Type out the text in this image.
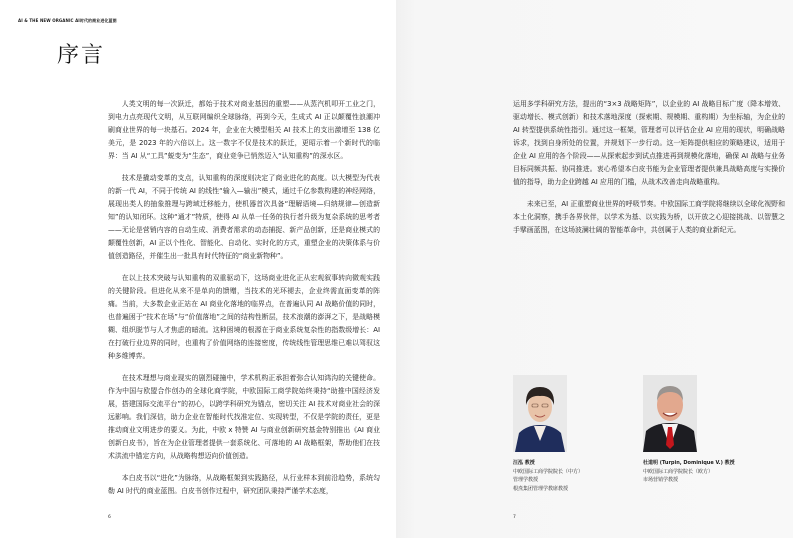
AI & THE NEW ORGANIC AI时代的商业进化蓝图
序言

人类文明的每一次跃迁，都始于技术对商业基因的重塑——从蒸汽机叩开工业之门，到电力点亮现代文明，从互联网编织全球脉络，再到今天，生成式 AI 正以颠覆性浪潮冲刷商业世界的每一块基石。2024 年，企业在大模型相关 AI 技术上的支出激增至 138 亿美元，是 2023 年的六倍以上。这一数字不仅是技术的跃迁，更昭示着一个新时代的临界：当 AI 从“工具”蜕变为“生态”，商业竞争已悄然迈入“认知重构”的深水区。

技术是撬动变革的支点，认知重构的深度则决定了商业进化的高度。以大模型为代表的新一代 AI，不同于传统 AI 的线性“输入—输出”模式，通过千亿参数构建的神经网络，展现出类人的抽象推理与跨域迁移能力，使机器首次具备“理解语境—归纳规律—创造新知”的认知闭环。这种“通才”特质，使得 AI 从单一任务的执行者升级为复杂系统的思考者——无论是营销内容的自动生成、消费者需求的动态捕捉、新产品创新，还是商业模式的颠覆性创新，AI 正以个性化、智能化、自动化、实时化的方式，重塑企业的决策体系与价值创造路径，并催生出一批具有时代特征的“商业新物种”。

在以上技术突破与认知重构的双重驱动下，这场商业进化正从宏观叙事转向微观实践的关键阶段。但进化从来不是单向的馈赠，当技术的光环褪去，企业终需直面变革的阵痛。当前，大多数企业正站在 AI 商业化落地的临界点，在普遍认同 AI 战略价值的同时，也普遍困于“技术在场”与“价值落地”之间的结构性断层，技术浪潮的澎湃之下，是战略模糊、组织脱节与人才焦虑的暗流。这种困境的根源在于商业系统复杂性的指数级增长：AI 在打破行业边界的同时，也重构了价值网络的连接密度，传统线性管理思维已难以驾驭这种多维博弈。

在技术理想与商业现实的剧烈碰撞中，学术机构正承担着弥合认知鸿沟的关键使命。作为中国与欧盟合作创办的全球化商学院，中欧国际工商学院始终秉持“助推中国经济发展，搭建国际交流平台”的初心，以跨学科研究为锚点，密切关注 AI 技术对商业社会的深远影响。我们深信，助力企业在智能时代找准定位、实现转型，不仅是学院的责任，更是推动商业文明进步的要义。为此，中欧 x 特赞 AI 与商业创新研究基金特别推出《AI 商业创新白皮书》，旨在为企业管理者提供一套系统化、可落地的 AI 战略框架，帮助他们在技术洪流中锚定方向，从战略构想迈向价值创造。

本白皮书以“进化”为脉络，从战略框架到实践路径，从行业样本到前沿趋势，系统勾勒 AI 时代的商业蓝图。白皮书创作过程中，研究团队秉持严谨学术态度，

6

运用多学科研究方法，提出的“3×3 战略矩阵”，以企业的 AI 战略目标广度（降本增效、驱动增长、模式创新）和技术落地深度（探索期、规模期、重构期）为坐标轴，为企业的 AI 转型提供系统性指引。通过这一框架，管理者可以评估企业 AI 应用的现状，明确战略诉求，找到自身所处的位置，并规划下一步行动。这一矩阵提供相应的策略建议，适用于企业 AI 应用的各个阶段——从探索起步到试点推进再到规模化落地，确保 AI 战略与业务目标同频共振、协同推进。衷心希望本白皮书能为企业管理者提供兼具战略高度与实操价值的指导，助力企业跨越 AI 应用的门槛，从战术改善走向战略重构。

未来已至，AI 正重塑商业世界的呼吸节奏。中欧国际工商学院将继续以全球化视野和本土化洞察，携手各界伙伴，以学术为基、以实践为桥，以开放之心迎接挑战、以智慧之手擘画蓝图，在这场波澜壮阔的智能革命中，共创属于人类的商业新纪元。

汪泓 教授
中欧国际工商学院院长（中方）
管理学教授
根焘集团管理学教席教授
杜道明 (Turpin, Dominique V.) 教授
中欧国际工商学院院长（欧方）
市场营销学教授
7
